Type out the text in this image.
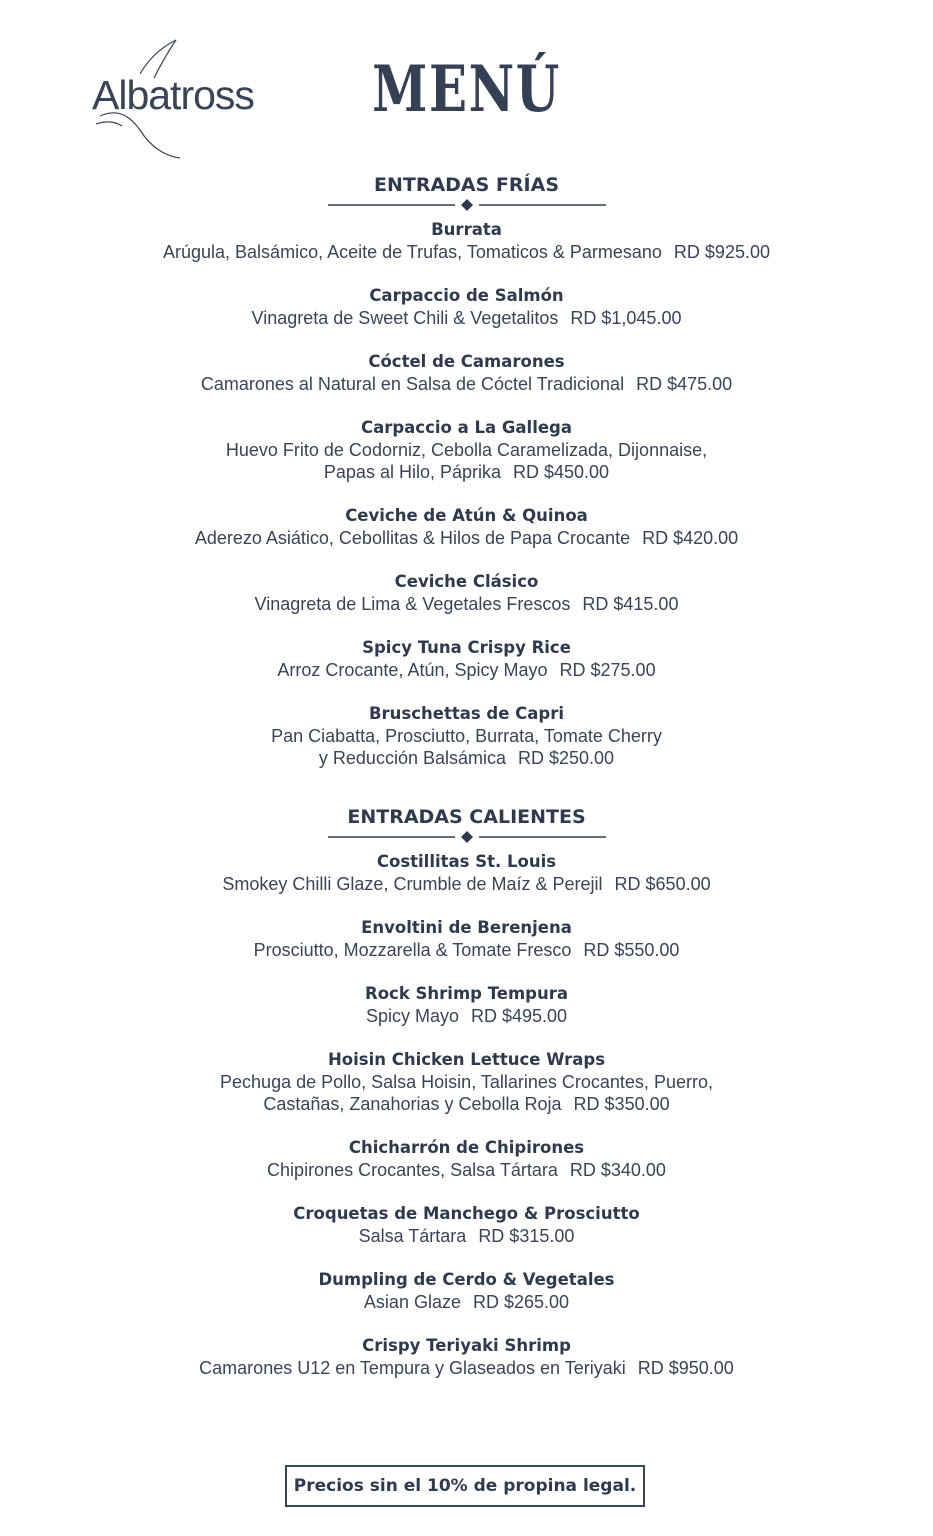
Albatross	MENÚ
ENTRADAS FRÍAS
Burrata
Arúgula, Balsámico, Aceite de Trufas, Tomaticos & Parmesano RD $925.00
Carpaccio de Salmón
Vinagreta de Sweet Chili & Vegetalitos RD $1,045.00
Cóctel de Camarones
Camarones al Natural en Salsa de Cóctel Tradicional RD $475.00
Carpaccio a La Gallega
Huevo Frito de Codorniz, Cebolla Caramelizada, Dijonnaise,
Papas al Hilo, Páprika RD $450.00
Ceviche de Atún & Quinoa
Aderezo Asiático, Cebollitas & Hilos de Papa Crocante RD $420.00
Ceviche Clásico
Vinagreta de Lima & Vegetales Frescos RD $415.00
Spicy Tuna Crispy Rice
Arroz Crocante, Atún, Spicy Mayo RD $275.00
Bruschettas de Capri
Pan Ciabatta, Prosciutto, Burrata, Tomate Cherry
y Reducción Balsámica RD $250.00
ENTRADAS CALIENTES
Costillitas St. Louis
Smokey Chilli Glaze, Crumble de Maíz & Perejil RD $650.00
Envoltini de Berenjena
Prosciutto, Mozzarella & Tomate Fresco RD $550.00
Rock Shrimp Tempura
Spicy Mayo RD $495.00
Hoisin Chicken Lettuce Wraps
Pechuga de Pollo, Salsa Hoisin, Tallarines Crocantes, Puerro,
Castañas, Zanahorias y Cebolla Roja RD $350.00
Chicharrón de Chipirones
Chipirones Crocantes, Salsa Tártara RD $340.00
Croquetas de Manchego & Prosciutto
Salsa Tártara RD $315.00
Dumpling de Cerdo & Vegetales
Asian Glaze RD $265.00
Crispy Teriyaki Shrimp
Camarones U12 en Tempura y Glaseados en Teriyaki RD $950.00
Precios sin el 10% de propina legal.
